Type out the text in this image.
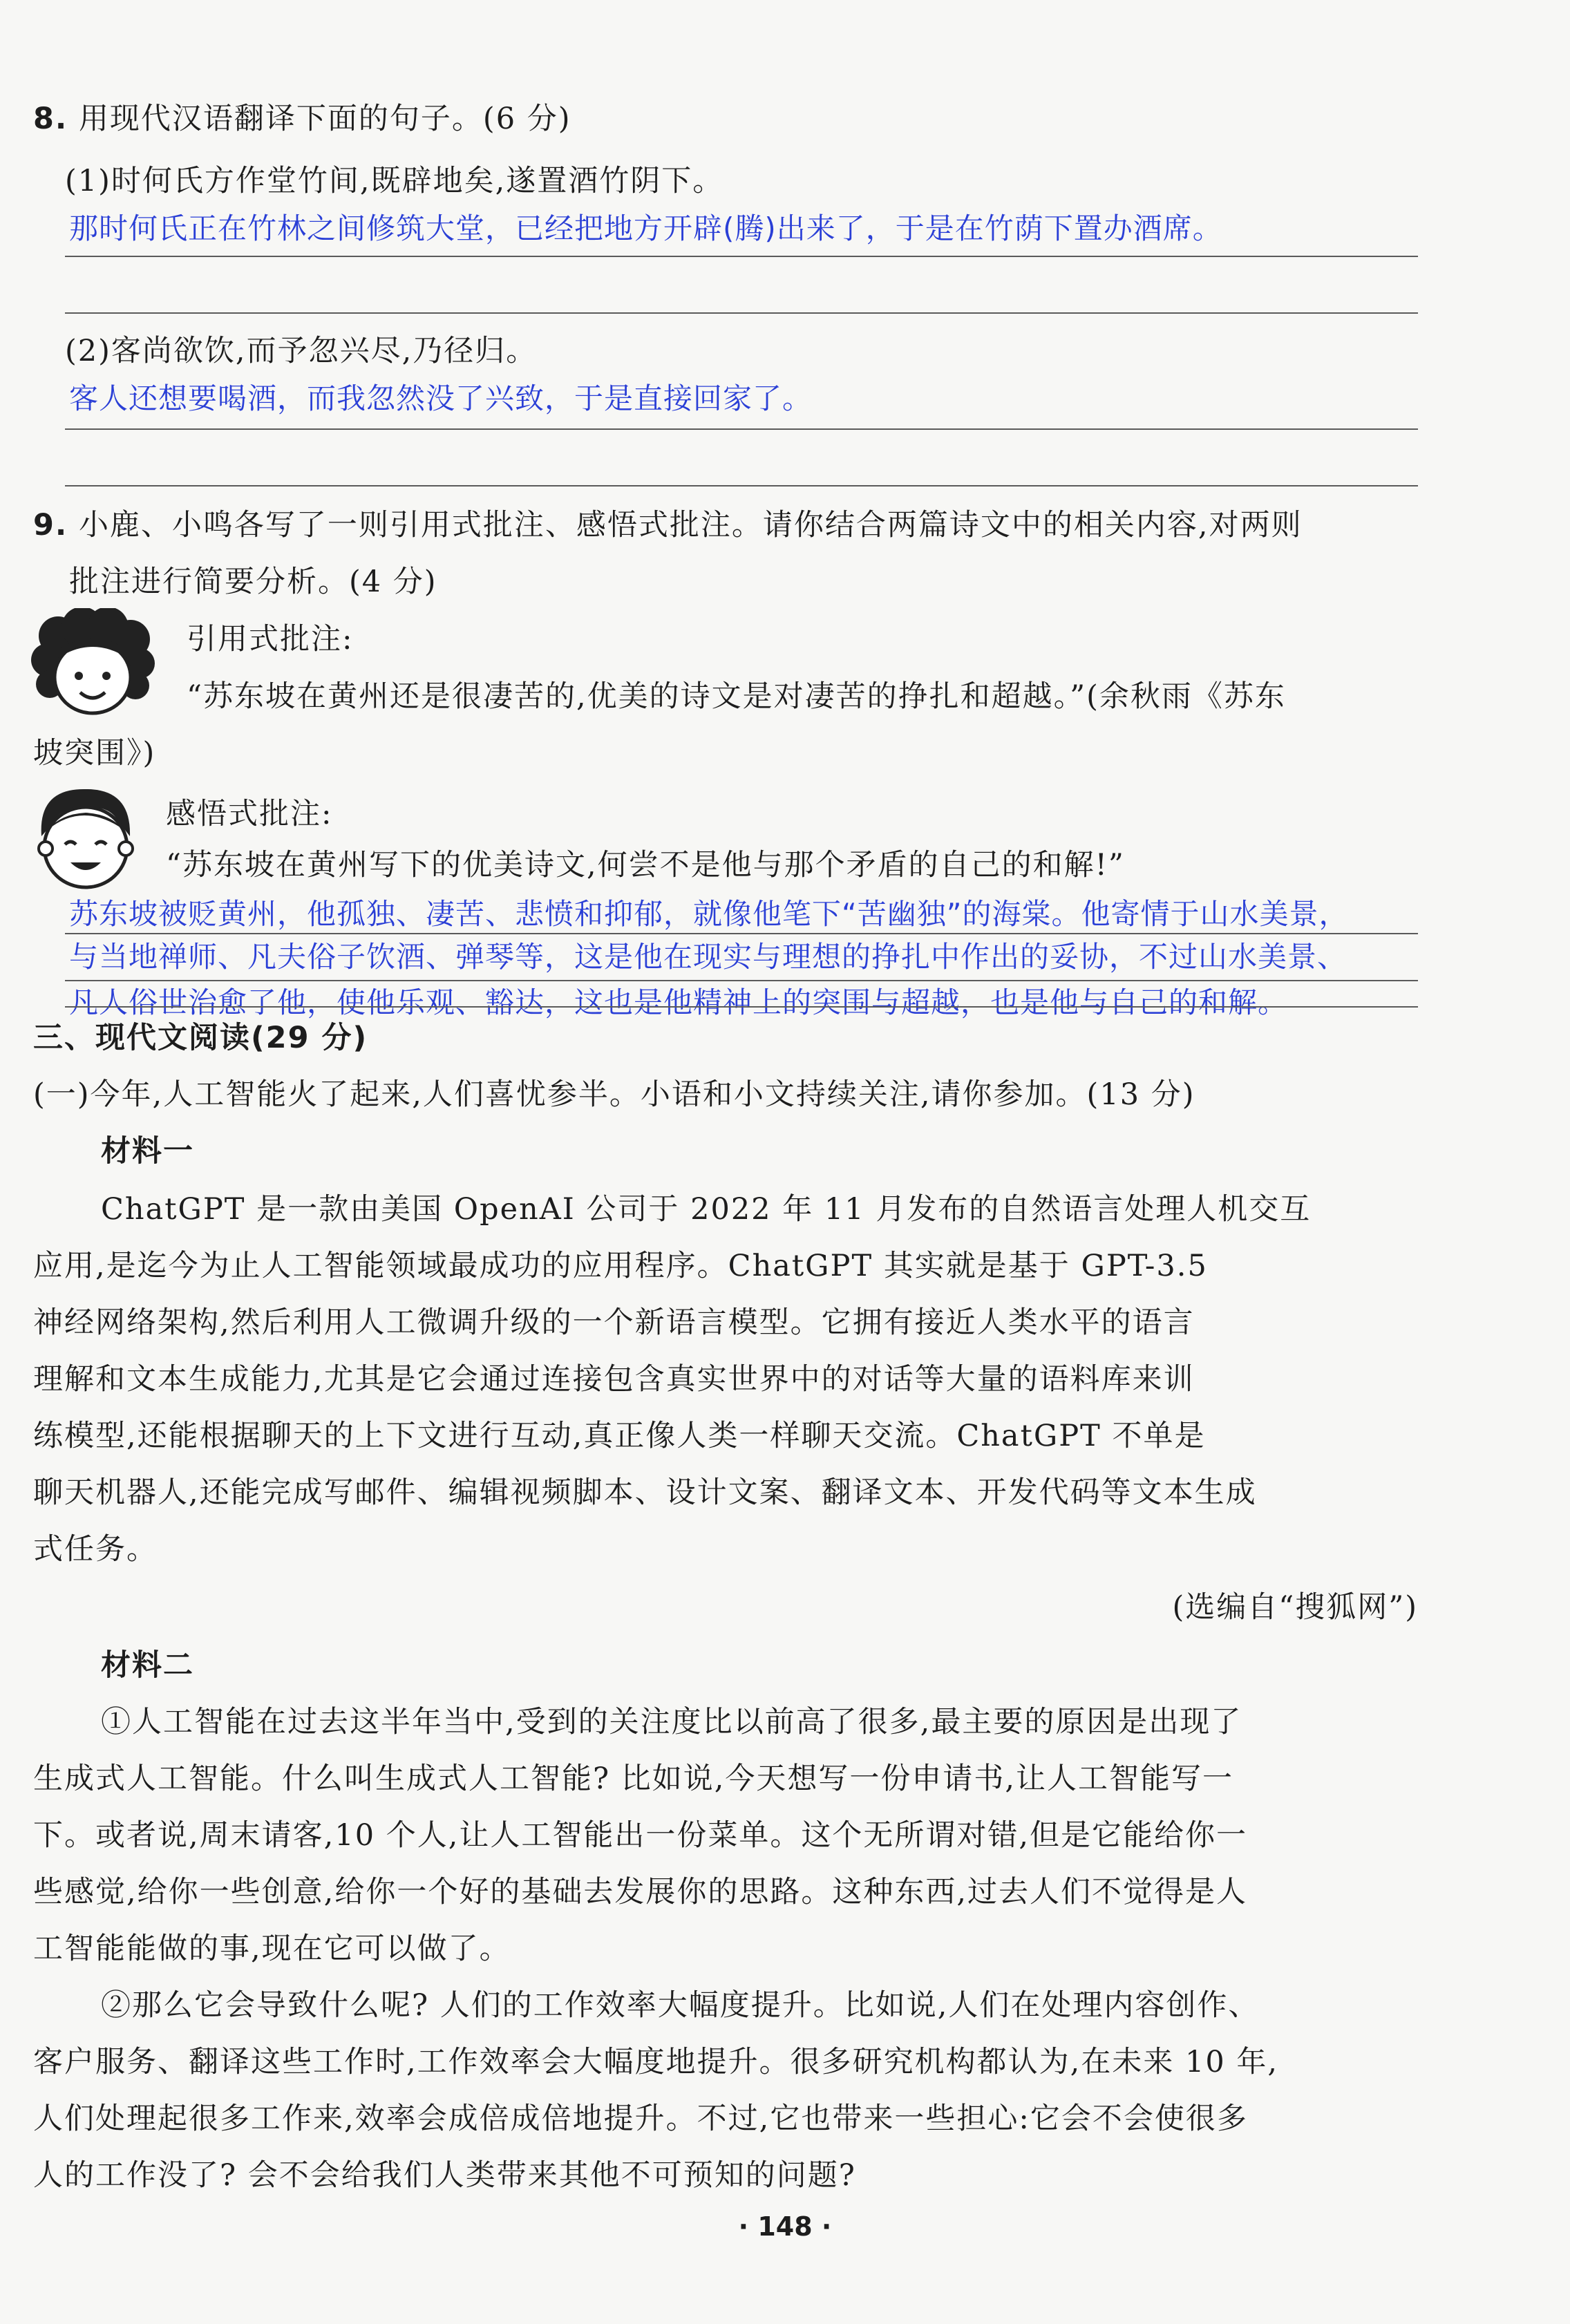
8. 用现代汉语翻译下面的句子。(6 分)
(1)时何氏方作堂竹间,既辟地矣,遂置酒竹阴下。
那时何氏正在竹林之间修筑大堂，已经把地方开辟(腾)出来了，于是在竹荫下置办酒席。
(2)客尚欲饮,而予忽兴尽,乃径归。
客人还想要喝酒，而我忽然没了兴致，于是直接回家了。
9. 小鹿、小鸣各写了一则引用式批注、感悟式批注。请你结合两篇诗文中的相关内容,对两则
批注进行简要分析。(4 分)
引用式批注:
“苏东坡在黄州还是很凄苦的,优美的诗文是对凄苦的挣扎和超越。”(余秋雨《苏东
坡突围》)
感悟式批注:
“苏东坡在黄州写下的优美诗文,何尝不是他与那个矛盾的自己的和解!”
苏东坡被贬黄州，他孤独、凄苦、悲愤和抑郁，就像他笔下“苦幽独”的海棠。他寄情于山水美景，
与当地禅师、凡夫俗子饮酒、弹琴等，这是他在现实与理想的挣扎中作出的妥协，不过山水美景、
凡人俗世治愈了他，使他乐观、豁达，这也是他精神上的突围与超越，也是他与自己的和解。
三、现代文阅读(29 分)
(一)今年,人工智能火了起来,人们喜忧参半。小语和小文持续关注,请你参加。(13 分)
材料一
ChatGPT 是一款由美国 OpenAI 公司于 2022 年 11 月发布的自然语言处理人机交互
应用,是迄今为止人工智能领域最成功的应用程序。ChatGPT 其实就是基于 GPT-3.5
神经网络架构,然后利用人工微调升级的一个新语言模型。它拥有接近人类水平的语言
理解和文本生成能力,尤其是它会通过连接包含真实世界中的对话等大量的语料库来训
练模型,还能根据聊天的上下文进行互动,真正像人类一样聊天交流。ChatGPT 不单是
聊天机器人,还能完成写邮件、编辑视频脚本、设计文案、翻译文本、开发代码等文本生成
式任务。
(选编自“搜狐网”)
材料二
①人工智能在过去这半年当中,受到的关注度比以前高了很多,最主要的原因是出现了
生成式人工智能。什么叫生成式人工智能? 比如说,今天想写一份申请书,让人工智能写一
下。或者说,周末请客,10 个人,让人工智能出一份菜单。这个无所谓对错,但是它能给你一
些感觉,给你一些创意,给你一个好的基础去发展你的思路。这种东西,过去人们不觉得是人
工智能能做的事,现在它可以做了。
②那么它会导致什么呢? 人们的工作效率大幅度提升。比如说,人们在处理内容创作、
客户服务、翻译这些工作时,工作效率会大幅度地提升。很多研究机构都认为,在未来 10 年,
人们处理起很多工作来,效率会成倍成倍地提升。不过,它也带来一些担心:它会不会使很多
人的工作没了? 会不会给我们人类带来其他不可预知的问题?
· 148 ·
